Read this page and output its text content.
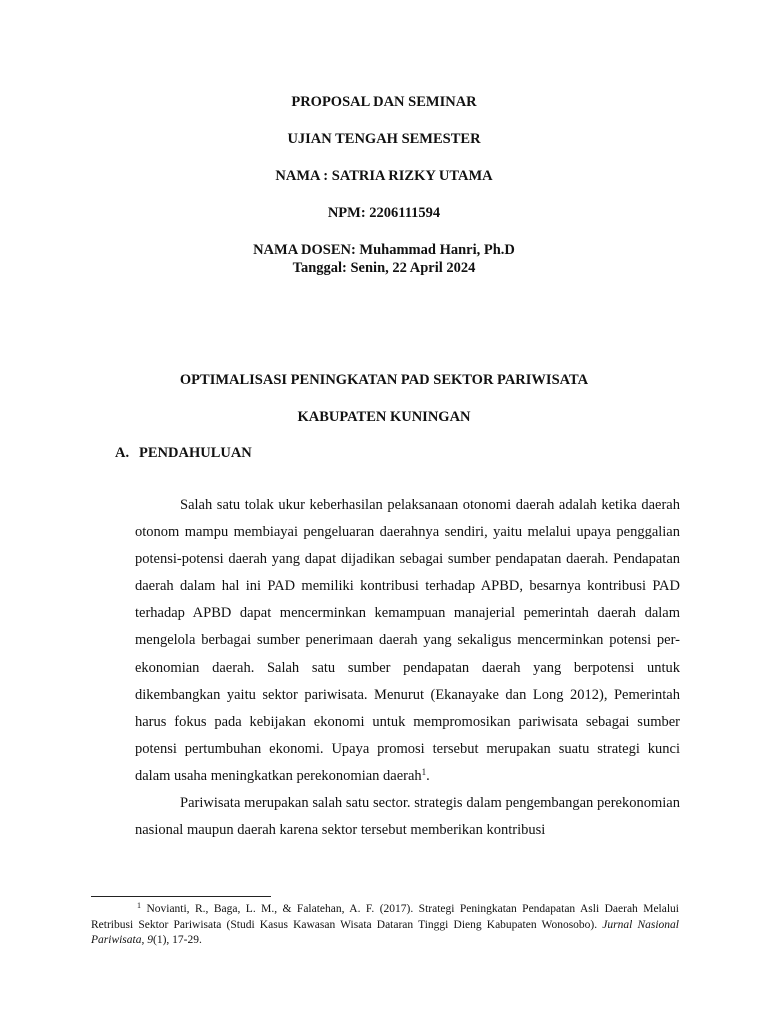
PROPOSAL DAN SEMINAR
UJIAN TENGAH SEMESTER
NAMA : SATRIA RIZKY UTAMA
NPM: 2206111594
NAMA DOSEN: Muhammad Hanri, Ph.D
Tanggal: Senin, 22 April 2024
OPTIMALISASI PENINGKATAN PAD SEKTOR PARIWISATA
KABUPATEN KUNINGAN
A. PENDAHULUAN

Salah satu tolak ukur keberhasilan pelaksanaan otonomi daerah adalah ketika daerah otonom mampu membiayai pengeluaran daerahnya sendiri, yaitu melalui upaya penggalian potensi-potensi daerah yang dapat dijadikan sebagai sumber pendapatan daerah. Pendapatan daerah dalam hal ini PAD memiliki kontribusi terhadap APBD, besarnya kontribusi PAD terhadap APBD dapat mencerminkan kemampuan manajerial pemerintah daerah dalam mengelola berbagai sumber penerimaan daerah yang sekaligus mencerminkan potensi per-ekonomian daerah. Salah satu sumber pendapatan daerah yang berpotensi untuk dikembangkan yaitu sektor pariwisata. Menurut (Ekanayake dan Long 2012), Pemerintah harus fokus pada kebijakan ekonomi untuk mempromosikan pariwisata sebagai sumber potensi pertumbuhan ekonomi. Upaya promosi tersebut merupakan suatu strategi kunci dalam usaha meningkatkan perekonomian daerah$^1$.

Pariwisata merupakan salah satu sector. strategis dalam pengembangan perekonomian nasional maupun daerah karena sektor tersebut memberikan kontribusi

$^1$ Novianti, R., Baga, L. M., & Falatehan, A. F. (2017). Strategi Peningkatan Pendapatan Asli Daerah Melalui Retribusi Sektor Pariwisata (Studi Kasus Kawasan Wisata Dataran Tinggi Dieng Kabupaten Wonosobo). Jurnal Nasional Pariwisata, 9(1), 17-29.
